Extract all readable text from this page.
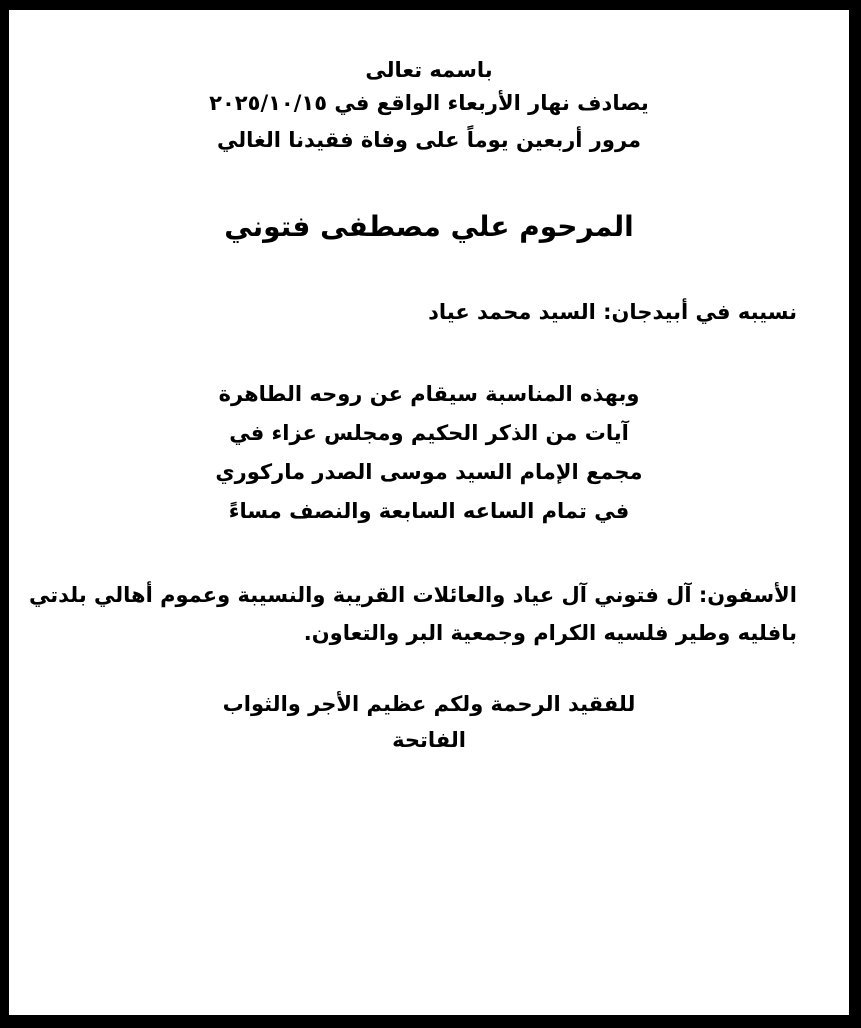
باسمه تعالى
يصادف نهار الأربعاء الواقع في ٢٠٢٥/١٠/١٥
مرور أربعين يوماً على وفاة فقيدنا الغالي
المرحوم علي مصطفى فتوني
نسيبه في أبيدجان: السيد محمد عياد
وبهذه المناسبة سيقام عن روحه الطاهرة
آيات من الذكر الحكيم ومجلس عزاء في
مجمع الإمام السيد موسى الصدر ماركوري
في تمام الساعه السابعة والنصف مساءً
الأسفون: آل فتوني آل عياد والعائلات القريبة والنسيبة وعموم أهالي بلدتي
بافليه وطير فلسيه الكرام وجمعية البر والتعاون.
للفقيد الرحمة ولكم عظيم الأجر والثواب
الفاتحة
